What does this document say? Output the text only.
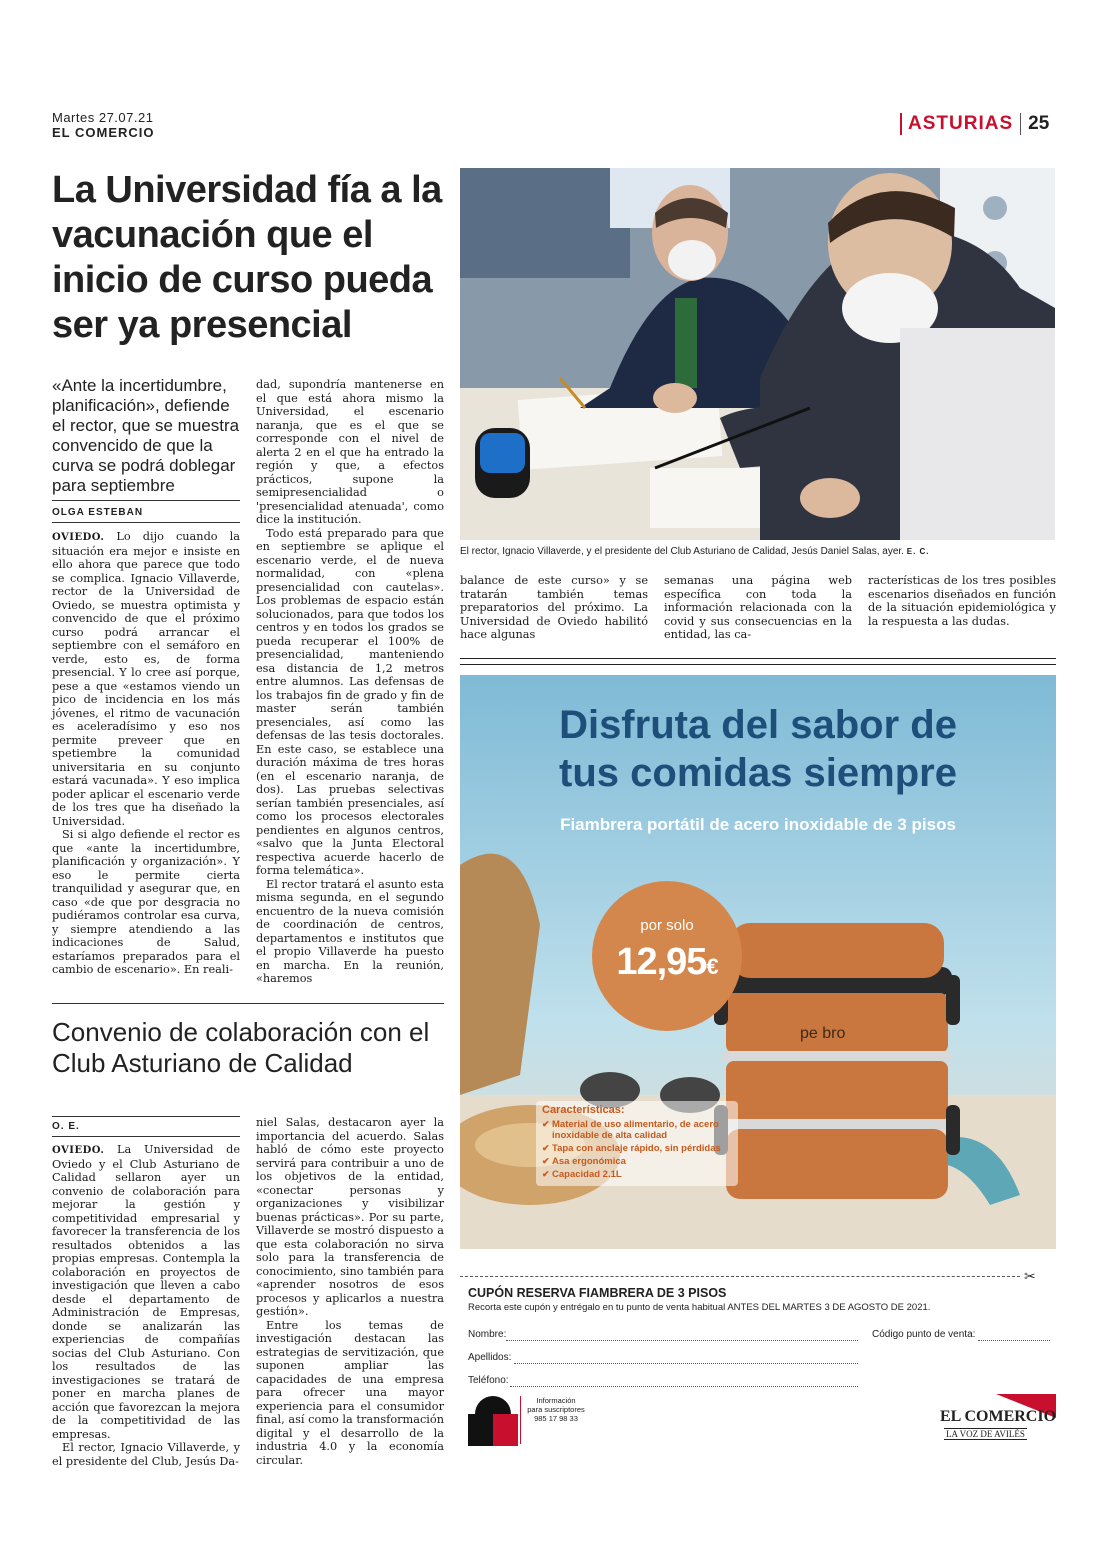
Martes 27.07.21
EL COMERCIO	ASTURIAS 25
La Universidad fía a la vacunación que el inicio de curso pueda ser ya presencial
El rector, Ignacio Villaverde, y el presidente del Club Asturiano de Calidad, Jesús Daniel Salas, ayer. E. C.
«Ante la incertidumbre, planificación», defiende el rector, que se muestra convencido de que la curva se podrá doblegar para septiembre
OLGA ESTEBAN

OVIEDO. Lo dijo cuando la situación era mejor e insiste en ello ahora que parece que todo se complica. Ignacio Villaverde, rector de la Universidad de Oviedo, se muestra optimista y convencido de que el próximo curso podrá arrancar el septiembre con el semáforo en verde, esto es, de forma presencial. Y lo cree así porque, pese a que «estamos viendo un pico de incidencia en los más jóvenes, el ritmo de vacunación es aceleradísimo y eso nos permite preveer que en spetiembre la comunidad universitaria en su conjunto estará vacunada». Y eso implica poder aplicar el escenario verde de los tres que ha diseñado la Universidad.

Si si algo defiende el rector es que «ante la incertidumbre, planificación y organización». Y eso le permite cierta tranquilidad y asegurar que, en caso «de que por desgracia no pudiéramos controlar esa curva, y siempre atendiendo a las indicaciones de Salud, estaríamos preparados para el cambio de escenario». En reali-

dad, supondría mantenerse en el que está ahora mismo la Universidad, el escenario naranja, que es el que se corresponde con el nivel de alerta 2 en el que ha entrado la región y que, a efectos prácticos, supone la semipresencialidad o 'presencialidad atenuada', como dice la institución.

Todo está preparado para que en septiembre se aplique el escenario verde, el de nueva normalidad, con «plena presencialidad con cautelas». Los problemas de espacio están solucionados, para que todos los centros y en todos los grados se pueda recuperar el 100% de presencialidad, manteniendo esa distancia de 1,2 metros entre alumnos. Las defensas de los trabajos fin de grado y fin de master serán también presenciales, así como las defensas de las tesis doctorales. En este caso, se establece una duración máxima de tres horas (en el escenario naranja, de dos). Las pruebas selectivas serían también presenciales, así como los procesos electorales pendientes en algunos centros, «salvo que la Junta Electoral respectiva acuerde hacerlo de forma telemática».

El rector tratará el asunto esta misma segunda, en el segundo encuentro de la nueva comisión de coordinación de centros, departamentos e institutos que el propio Villaverde ha puesto en marcha. En la reunión, «haremos

balance de este curso» y se tratarán también temas preparatorios del próximo. La Universidad de Oviedo habilitó hace algunas

semanas una página web específica con toda la información relacionada con la covid y sus consecuencias en la entidad, las ca-

racterísticas de los tres posibles escenarios diseñados en función de la situación epidemiológica y la respuesta a las dudas.

Convenio de colaboración con el Club Asturiano de Calidad
O. E.

OVIEDO. La Universidad de Oviedo y el Club Asturiano de Calidad sellaron ayer un convenio de colaboración para mejorar la gestión y competitividad empresarial y favorecer la transferencia de los resultados obtenidos a las propias empresas. Contempla la colaboración en proyectos de investigación que lleven a cabo desde el departamento de Administración de Empresas, donde se analizarán las experiencias de compañías socias del Club Asturiano. Con los resultados de las investigaciones se tratará de poner en marcha planes de acción que favorezcan la mejora de la competitividad de las empresas.

El rector, Ignacio Villaverde, y el presidente del Club, Jesús Da-

niel Salas, destacaron ayer la importancia del acuerdo. Salas habló de cómo este proyecto servirá para contribuir a uno de los objetivos de la entidad, «conectar personas y organizaciones y visibilizar buenas prácticas». Por su parte, Villaverde se mostró dispuesto a que esta colaboración no sirva solo para la transferencia de conocimiento, sino también para «aprender nosotros de esos procesos y aplicarlos a nuestra gestión».

Entre los temas de investigación destacan las estrategias de servitización, que suponen ampliar las capacidades de una empresa para ofrecer una mayor experiencia para el consumidor final, así como la transformación digital y el desarrollo de la industria 4.0 y la economía circular.

Disfruta del sabor de
tus comidas siempre
Fiambrera portátil de acero inoxidable de 3 pisos
por solo
12,95€
pe bro
Características:
✔ Material de uso alimentario, de acero inoxidable de alta calidad
✔ Tapa con anclaje rápido, sin pérdidas
✔ Asa ergonómica
✔ Capacidad 2.1L
✂
CUPÓN RESERVA FIAMBRERA DE 3 PISOS
Recorta este cupón y entrégalo en tu punto de venta habitual ANTES DEL MARTES 3 DE AGOSTO DE 2021.
Nombre:	Código punto de venta:
Apellidos:
Teléfono:
Información
para suscriptores
985 17 98 33	EL COMERCIO
LA VOZ DE AVILÉS
